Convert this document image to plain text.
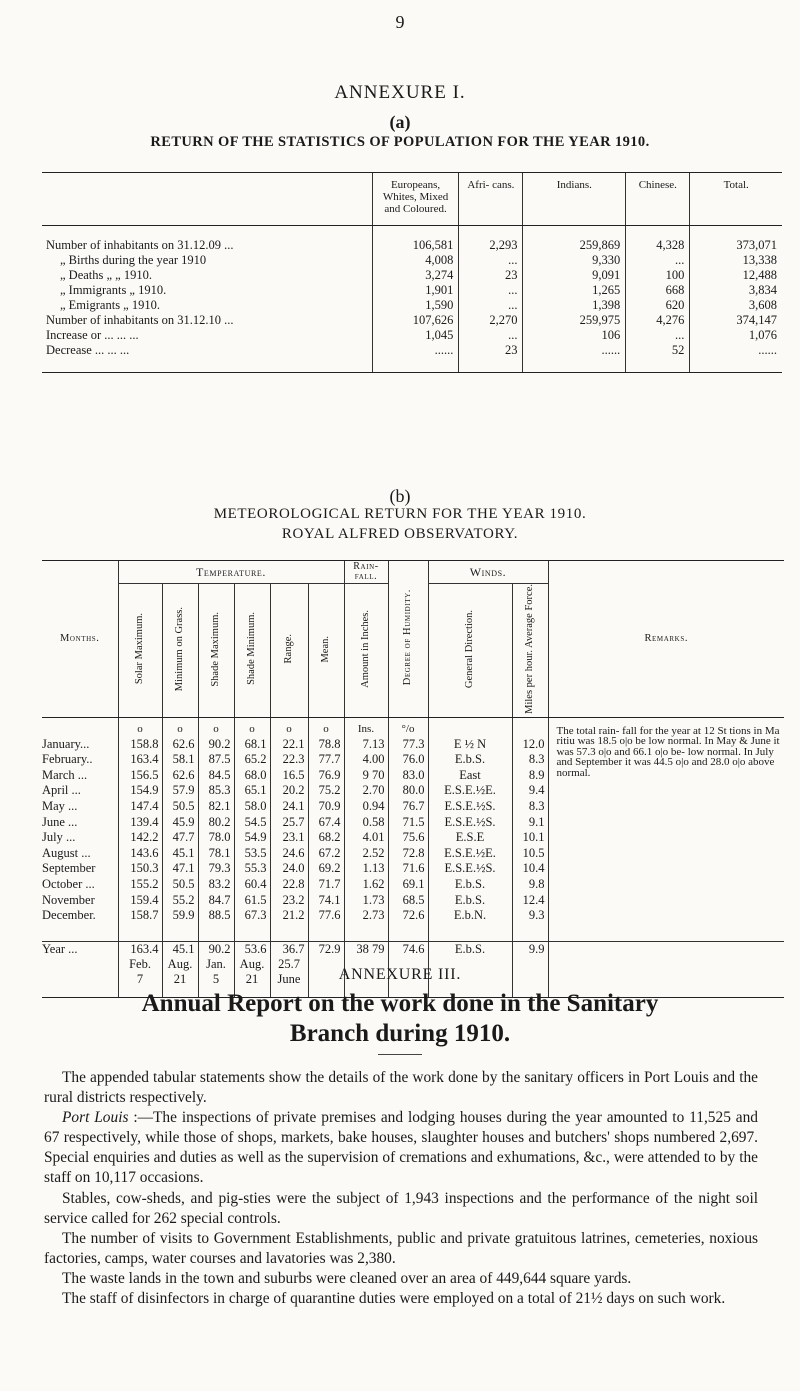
9
ANNEXURE I.
(a)
RETURN OF THE STATISTICS OF POPULATION FOR THE YEAR 1910.
	Europeans, Whites, Mixed and Coloured.	Afri- cans.	Indians.	Chinese.	Total.
Number of inhabitants on 31.12.09 ...	106,581	2,293	259,869	4,328	373,071
„ Births during the year 1910	4,008	...	9,330	...	13,338
„ Deaths „ „ 1910.	3,274	23	9,091	100	12,488
„ Immigrants „ 1910.	1,901	...	1,265	668	3,834
„ Emigrants „ 1910.	1,590	...	1,398	620	3,608
Number of inhabitants on 31.12.10 ...	107,626	2,270	259,975	4,276	374,147
Increase or ... ... ...	1,045	...	106	...	1,076
Decrease ... ... ...	......	23	......	52	......
(b)
METEOROLOGICAL RETURN FOR THE YEAR 1910.
ROYAL ALFRED OBSERVATORY.
Months.	Temperature.						Rain- fall.	Degree of Humidity.	Winds.		Remarks.
	Solar Maximum.	Minimum on Grass.	Shade Maximum.	Shade Minimum.	Range.	Mean.	Amount in Inches.		General Direction.	Miles per hour. Average Force.	
	o	o	o	o	o	o	Ins.	°/o			The total rain- fall for the year at 12 St tions in Ma ritiu was 18.5 o|o be low normal. In May & June it was 57.3 o|o and 66.1 o|o be- low normal. In July and September it was 44.5 o|o and 28.0 o|o above normal.
January...	158.8	62.6	90.2	68.1	22.1	78.8	7.13	77.3	E ½ N	12.0	
February..	163.4	58.1	87.5	65.2	22.3	77.7	4.00	76.0	E.b.S.	8.3	
March ...	156.5	62.6	84.5	68.0	16.5	76.9	9 70	83.0	East	8.9	
April ...	154.9	57.9	85.3	65.1	20.2	75.2	2.70	80.0	E.S.E.½E.	9.4	
May ...	147.4	50.5	82.1	58.0	24.1	70.9	0.94	76.7	E.S.E.½S.	8.3	
June ...	139.4	45.9	80.2	54.5	25.7	67.4	0.58	71.5	E.S.E.½S.	9.1	
July ...	142.2	47.7	78.0	54.9	23.1	68.2	4.01	75.6	E.S.E	10.1	
August ...	143.6	45.1	78.1	53.5	24.6	67.2	2.52	72.8	E.S.E.½E.	10.5	
September	150.3	47.1	79.3	55.3	24.0	69.2	1.13	71.6	E.S.E.½S.	10.4	
October ...	155.2	50.5	83.2	60.4	22.8	71.7	1.62	69.1	E.b.S.	9.8	
November	159.4	55.2	84.7	61.5	23.2	74.1	1.73	68.5	E.b.S.	12.4	
December.	158.7	59.9	88.5	67.3	21.2	77.6	2.73	72.6	E.b.N.	9.3	

Year ...	163.4	45.1	90.2	53.6	36.7	72.9	38 79	74.6	E.b.S.	9.9	
	Feb.	Aug.	Jan.	Aug.	25.7						
	7	21	5	21	June						
												ANNEXURE III.
Annual Report on the work done in the Sanitary
Branch during 1910.

The appended tabular statements show the details of the work done by the sanitary officers in Port Louis and the rural districts respectively.

Port Louis :—The inspections of private premises and lodging houses during the year amounted to 11,525 and 67 respectively, while those of shops, markets, bake houses, slaughter houses and butchers' shops numbered 2,697. Special enquiries and duties as well as the supervision of cremations and exhumations, &c., were attended to by the staff on 10,117 occasions.

Stables, cow-sheds, and pig-sties were the subject of 1,943 inspections and the performance of the night soil service called for 262 special controls.

The number of visits to Government Establishments, public and private gratuitous latrines, cemeteries, noxious factories, camps, water courses and lavatories was 2,380.

The waste lands in the town and suburbs were cleaned over an area of 449,644 square yards.

The staff of disinfectors in charge of quarantine duties were employed on a total of 21½ days on such work.
